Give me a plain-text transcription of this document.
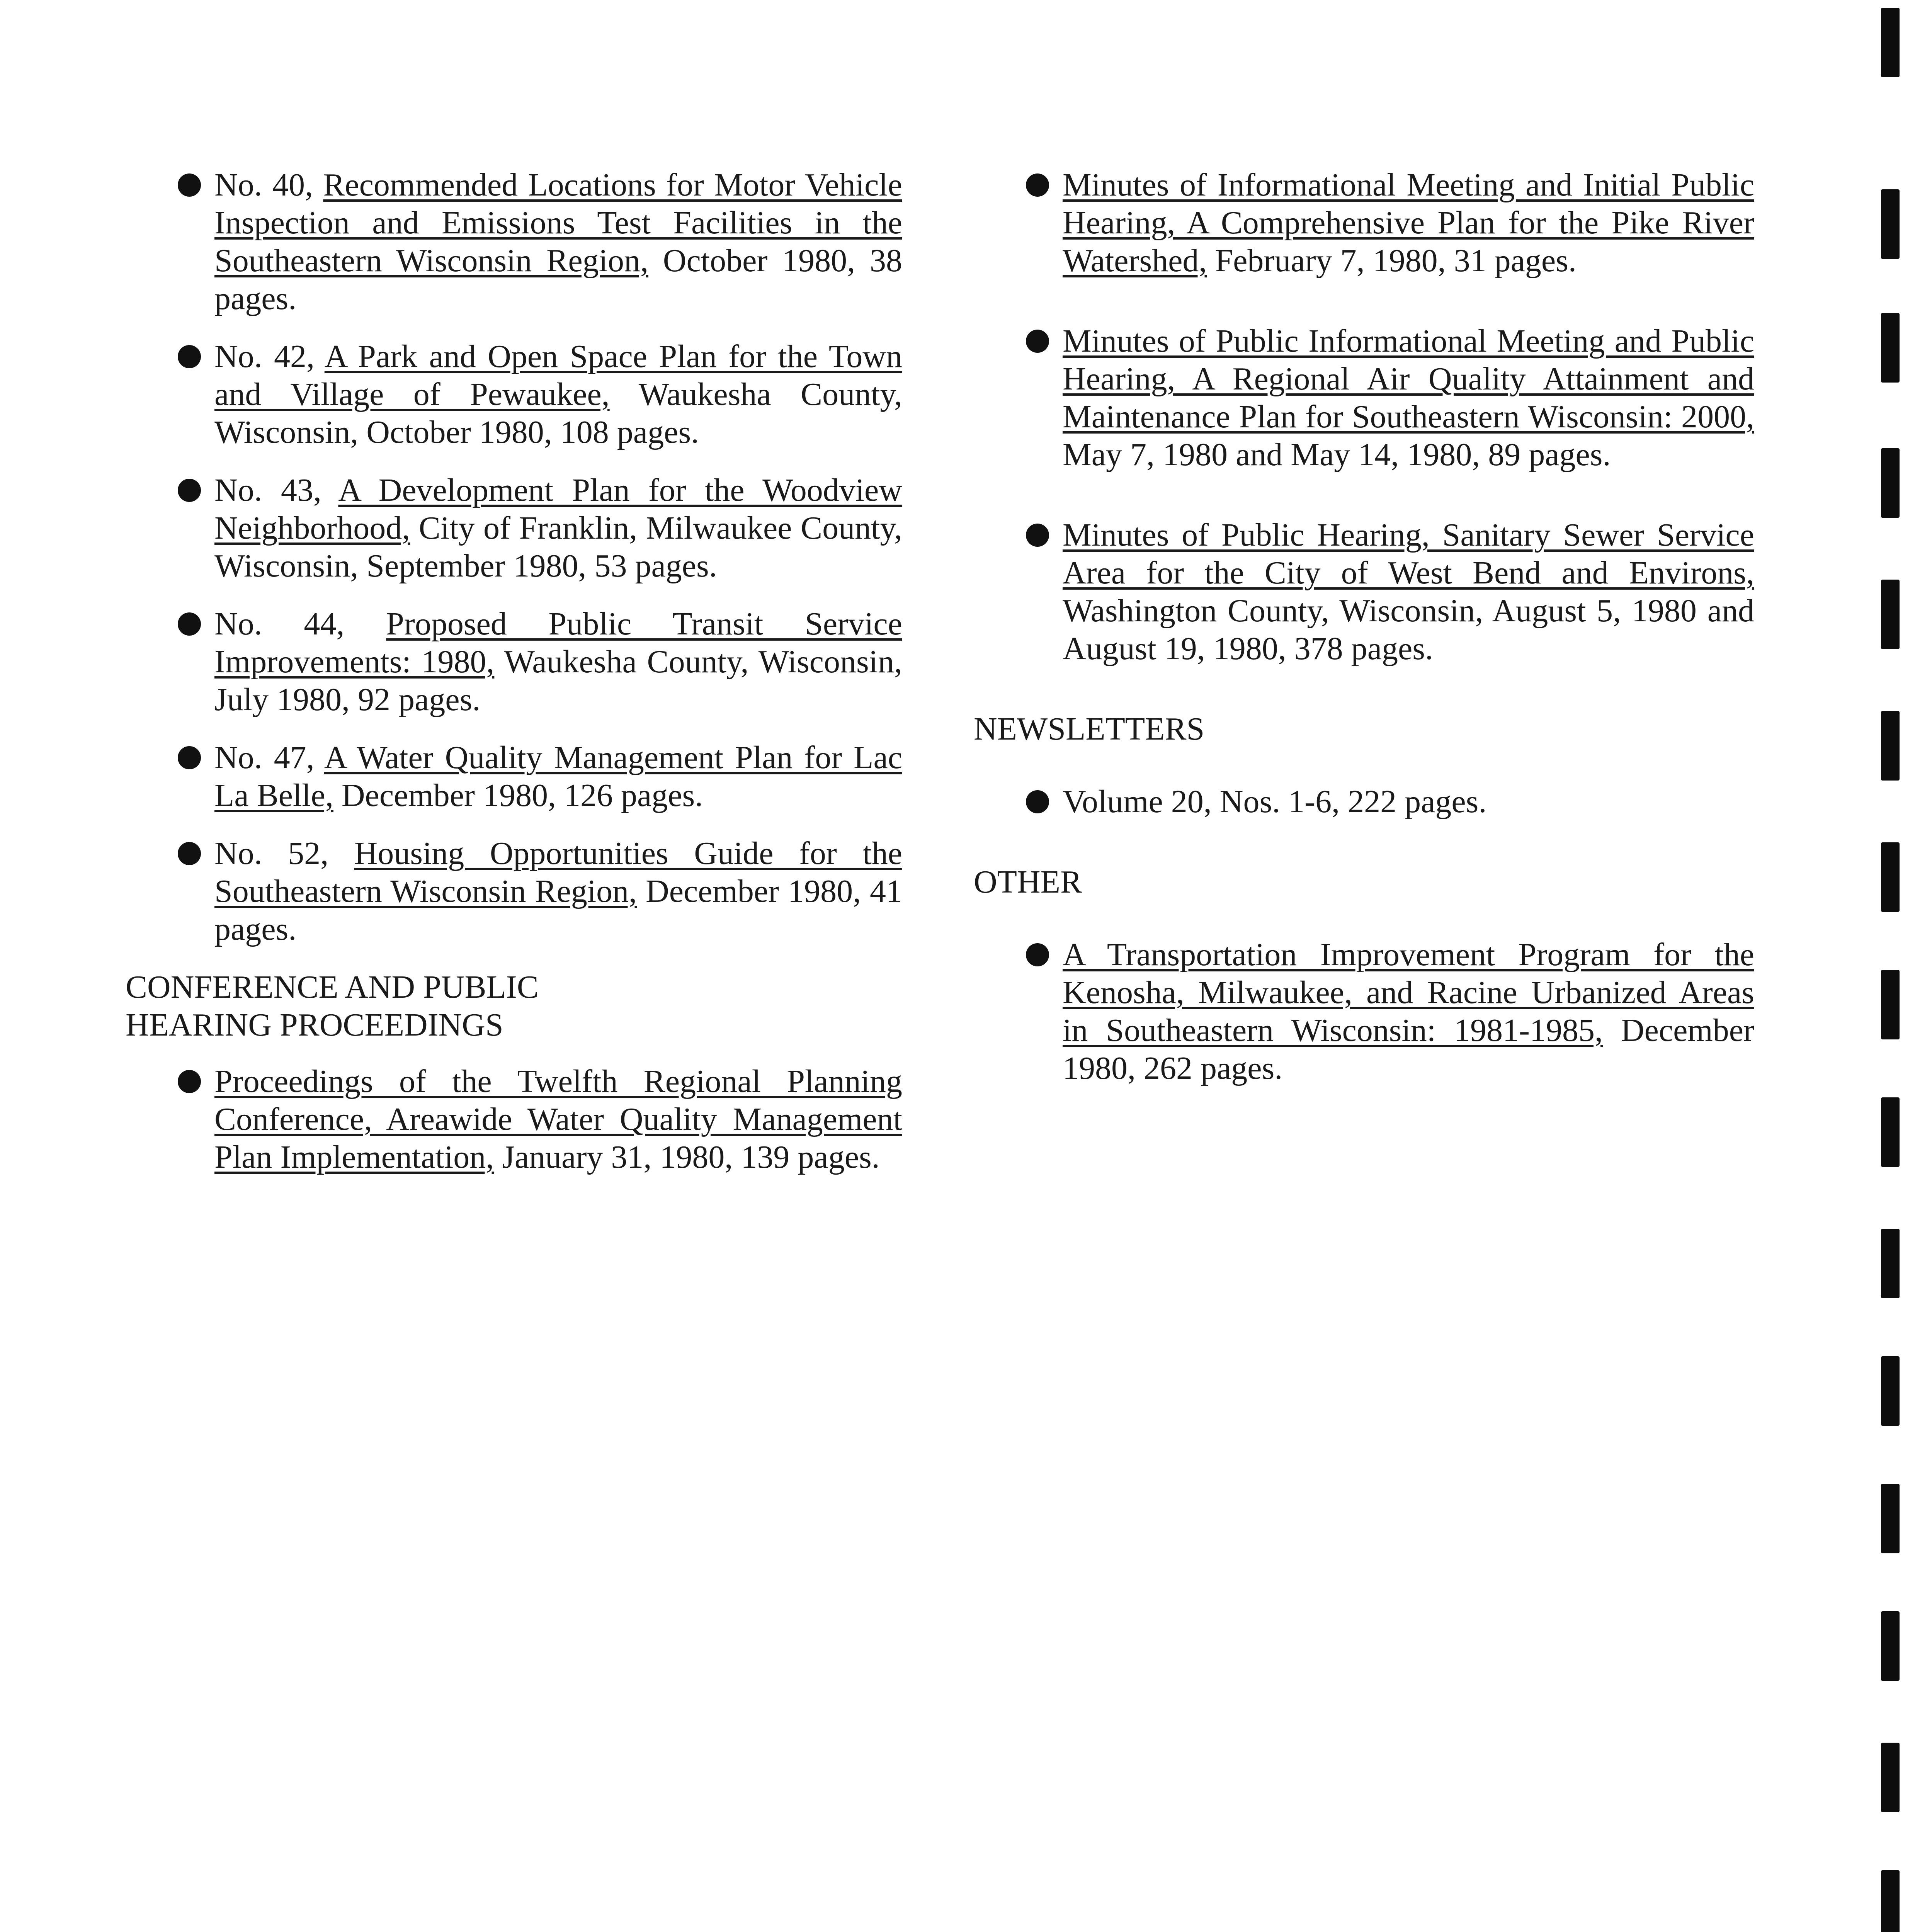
No. 40, Recommended Locations for Motor Vehicle Inspection and Emissions Test Facilities in the Southeastern Wisconsin Region, October 1980, 38 pages.
No. 42, A Park and Open Space Plan for the Town and Village of Pewaukee, Waukesha County, Wisconsin, October 1980, 108 pages.
No. 43, A Development Plan for the Woodview Neighborhood, City of Franklin, Milwaukee County, Wisconsin, September 1980, 53 pages.
No. 44, Proposed Public Transit Service Improvements: 1980, Waukesha County, Wisconsin, July 1980, 92 pages.
No. 47, A Water Quality Management Plan for Lac La Belle, December 1980, 126 pages.
No. 52, Housing Opportunities Guide for the Southeastern Wisconsin Region, December 1980, 41 pages.
CONFERENCE AND PUBLIC
HEARING PROCEEDINGS
Proceedings of the Twelfth Regional Planning Conference, Areawide Water Quality Management Plan Implementation, January 31, 1980, 139 pages.
Minutes of Informational Meeting and Initial Public Hearing, A Comprehensive Plan for the Pike River Watershed, February 7, 1980, 31 pages.
Minutes of Public Informational Meeting and Public Hearing, A Regional Air Quality Attainment and Maintenance Plan for Southeastern Wisconsin: 2000, May 7, 1980 and May 14, 1980, 89 pages.
Minutes of Public Hearing, Sanitary Sewer Service Area for the City of West Bend and Environs, Washington County, Wisconsin, August 5, 1980 and August 19, 1980, 378 pages.
NEWSLETTERS
Volume 20, Nos. 1-6, 222 pages.
OTHER
A Transportation Improvement Program for the Kenosha, Milwaukee, and Racine Urbanized Areas in Southeastern Wisconsin: 1981-1985, December 1980, 262 pages.
